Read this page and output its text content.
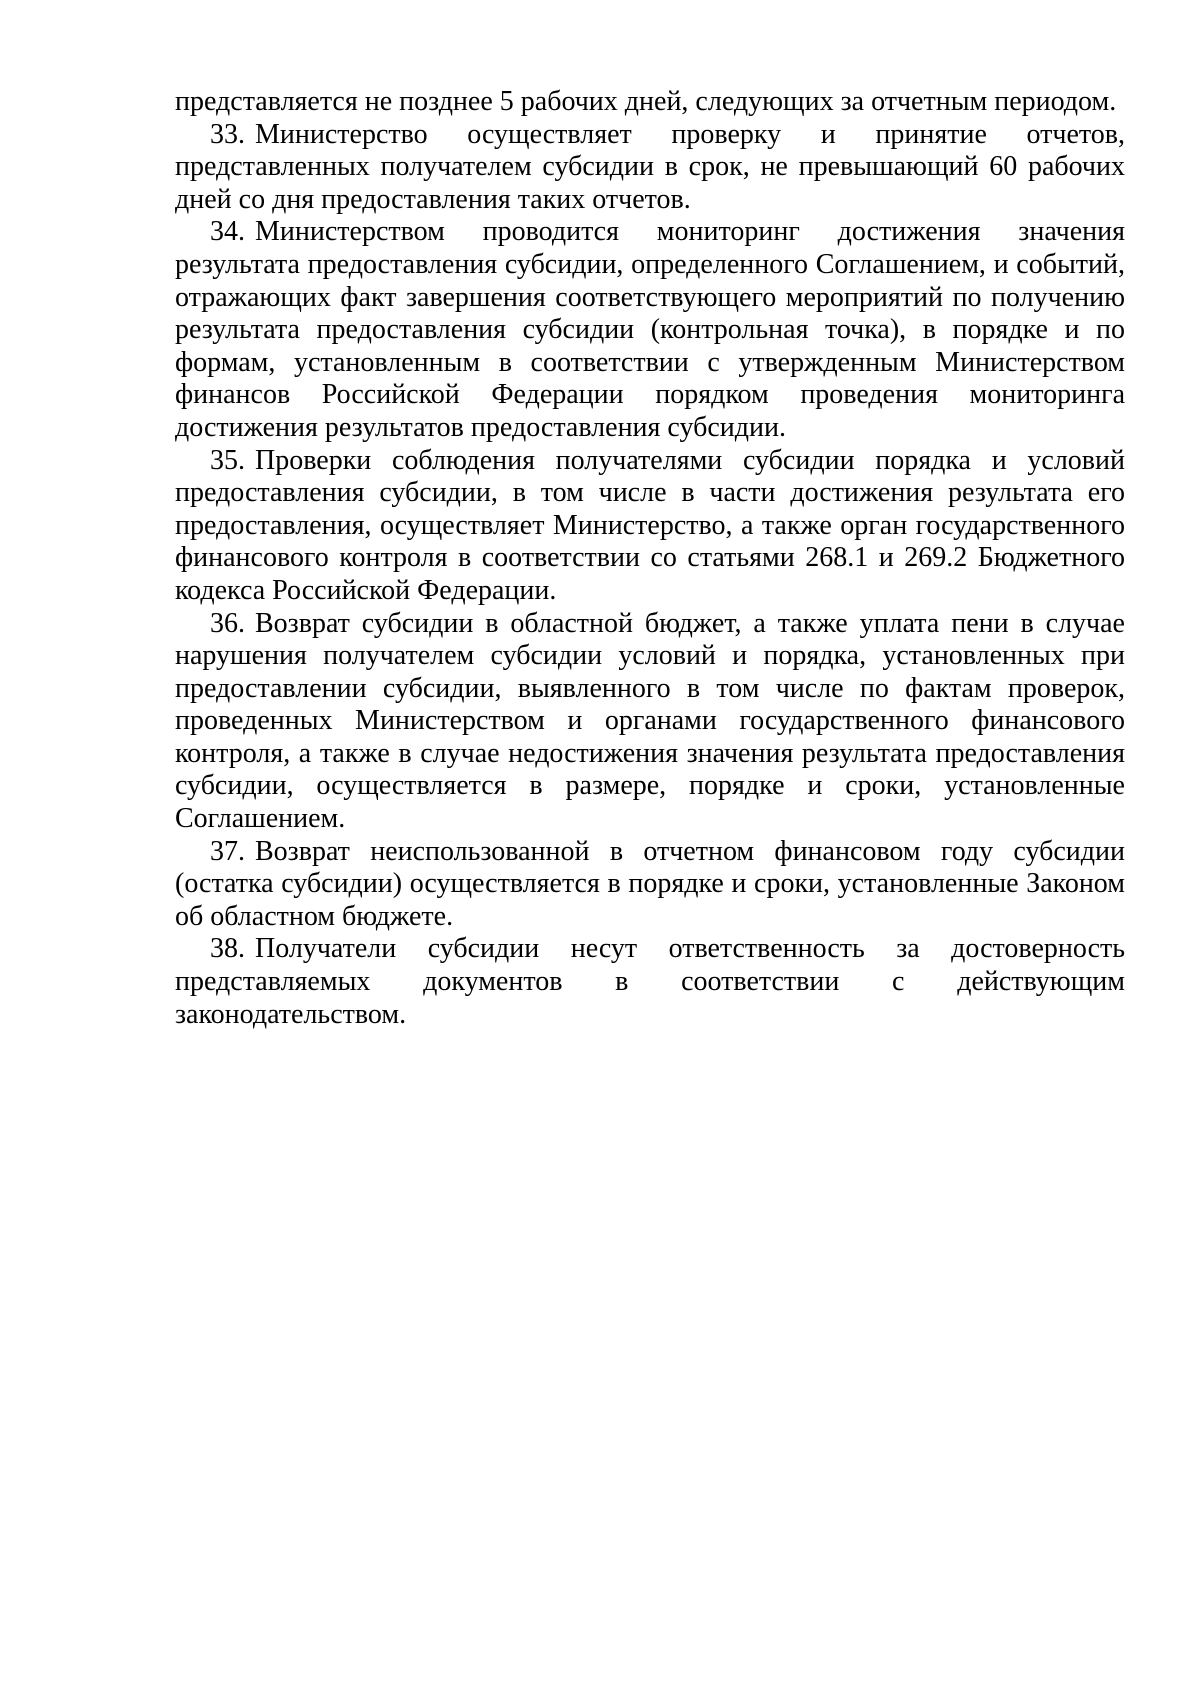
представляется не позднее 5 рабочих дней, следующих за отчетным периодом.

33. Министерство осуществляет проверку и принятие отчетов, представленных получателем субсидии в срок, не превышающий 60 рабочих дней со дня предоставления таких отчетов.

34. Министерством проводится мониторинг достижения значения результата предоставления субсидии, определенного Соглашением, и событий, отражающих факт завершения соответствующего мероприятий по получению результата предоставления субсидии (контрольная точка), в порядке и по формам, установленным в соответствии с утвержденным Министерством финансов Российской Федерации порядком проведения мониторинга достижения результатов предоставления субсидии.

35. Проверки соблюдения получателями субсидии порядка и условий предоставления субсидии, в том числе в части достижения результата его предоставления, осуществляет Министерство, а также орган государственного финансового контроля в соответствии со статьями 268.1 и 269.2 Бюджетного кодекса Российской Федерации.

36. Возврат субсидии в областной бюджет, а также уплата пени в случае нарушения получателем субсидии условий и порядка, установленных при предоставлении субсидии, выявленного в том числе по фактам проверок, проведенных Министерством и органами государственного финансового контроля, а также в случае недостижения значения результата предоставления субсидии, осуществляется в размере, порядке и сроки, установленные Соглашением.

37. Возврат неиспользованной в отчетном финансовом году субсидии (остатка субсидии) осуществляется в порядке и сроки, установленные Законом об областном бюджете.

38. Получатели субсидии несут ответственность за достоверность представляемых документов в соответствии с действующим законодательством.
